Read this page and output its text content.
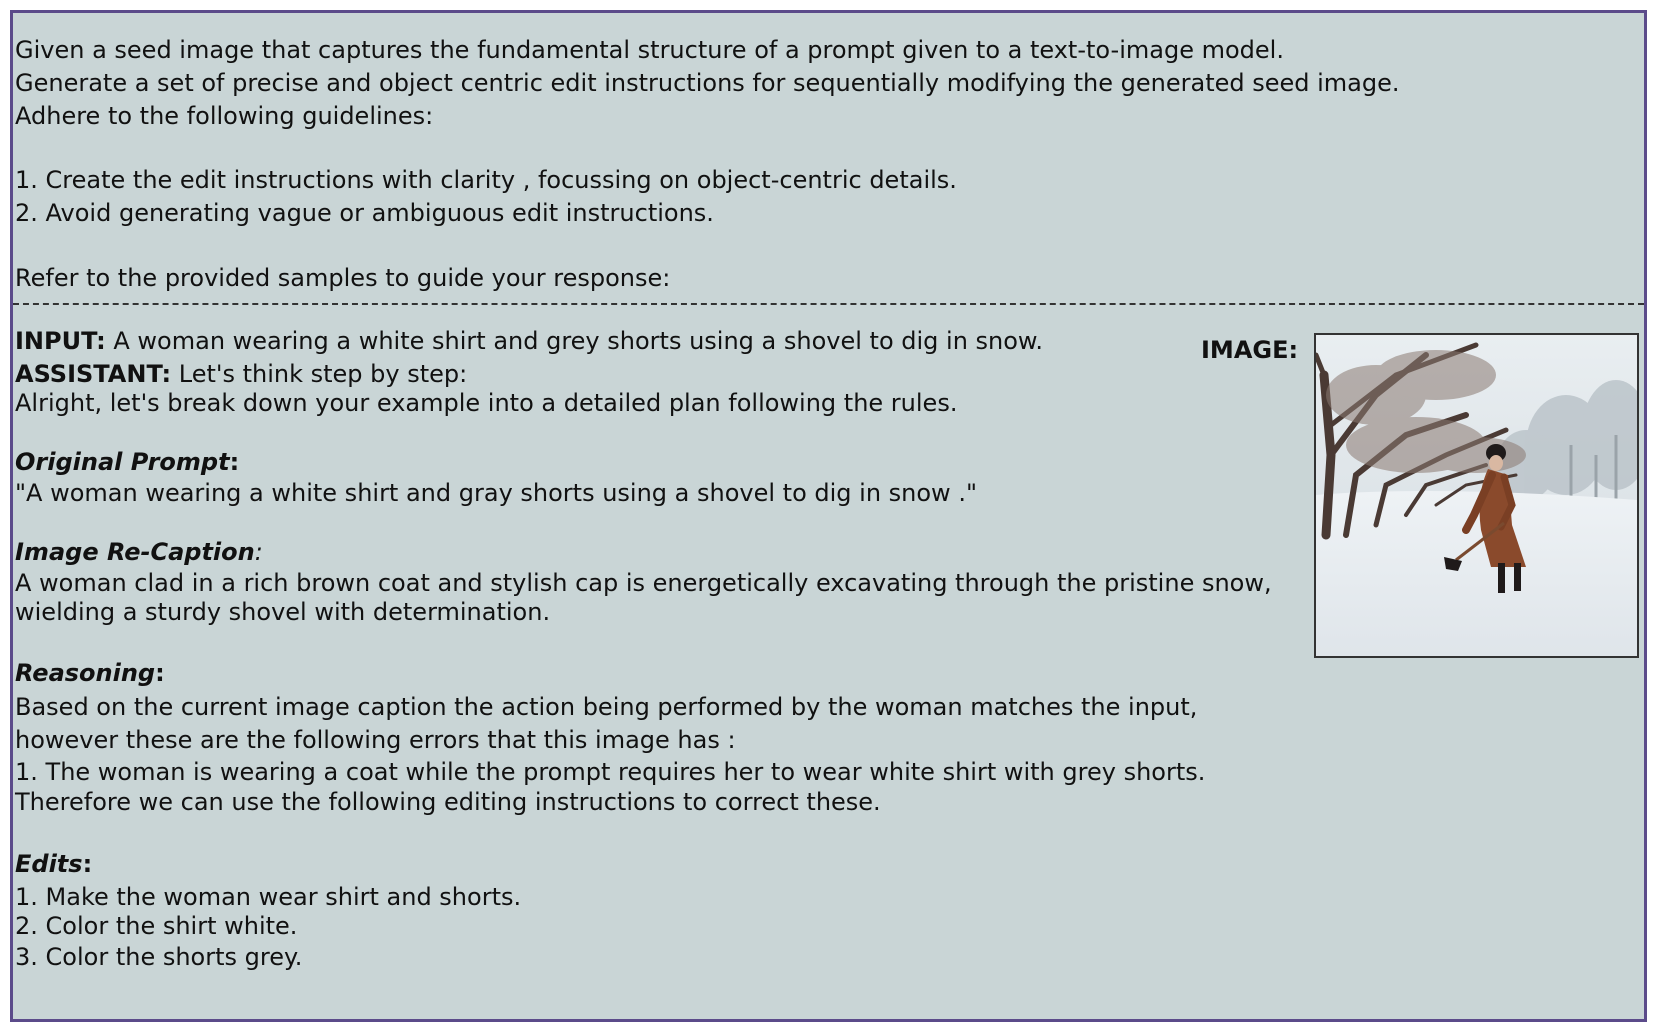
Given a seed image that captures the fundamental structure of a prompt given to a text-to-image model.

Generate a set of precise and object centric edit instructions for sequentially modifying the generated seed image.

Adhere to the following guidelines:

1. Create the edit instructions with clarity , focussing on object-centric details.

2. Avoid generating vague or ambiguous edit instructions.

Refer to the provided samples to guide your response:

INPUT: A woman wearing a white shirt and grey shorts using a shovel to dig in snow.

ASSISTANT: Let's think step by step:

Alright, let's break down your example into a detailed plan following the rules.

Original Prompt:

"A woman wearing a white shirt and gray shorts using a shovel to dig in snow ."

Image Re-Caption:

A woman clad in a rich brown coat and stylish cap is energetically excavating through the pristine snow,

wielding a sturdy shovel with determination.

Reasoning:

Based on the current image caption the action being performed by the woman matches the input,

however these are the following errors that this image has :

1. The woman is wearing a coat while the prompt requires her to wear white shirt with grey shorts.

Therefore we can use the following editing instructions to correct these.

Edits:

1. Make the woman wear shirt and shorts.

2. Color the shirt white.

3. Color the shorts grey.

IMAGE:
